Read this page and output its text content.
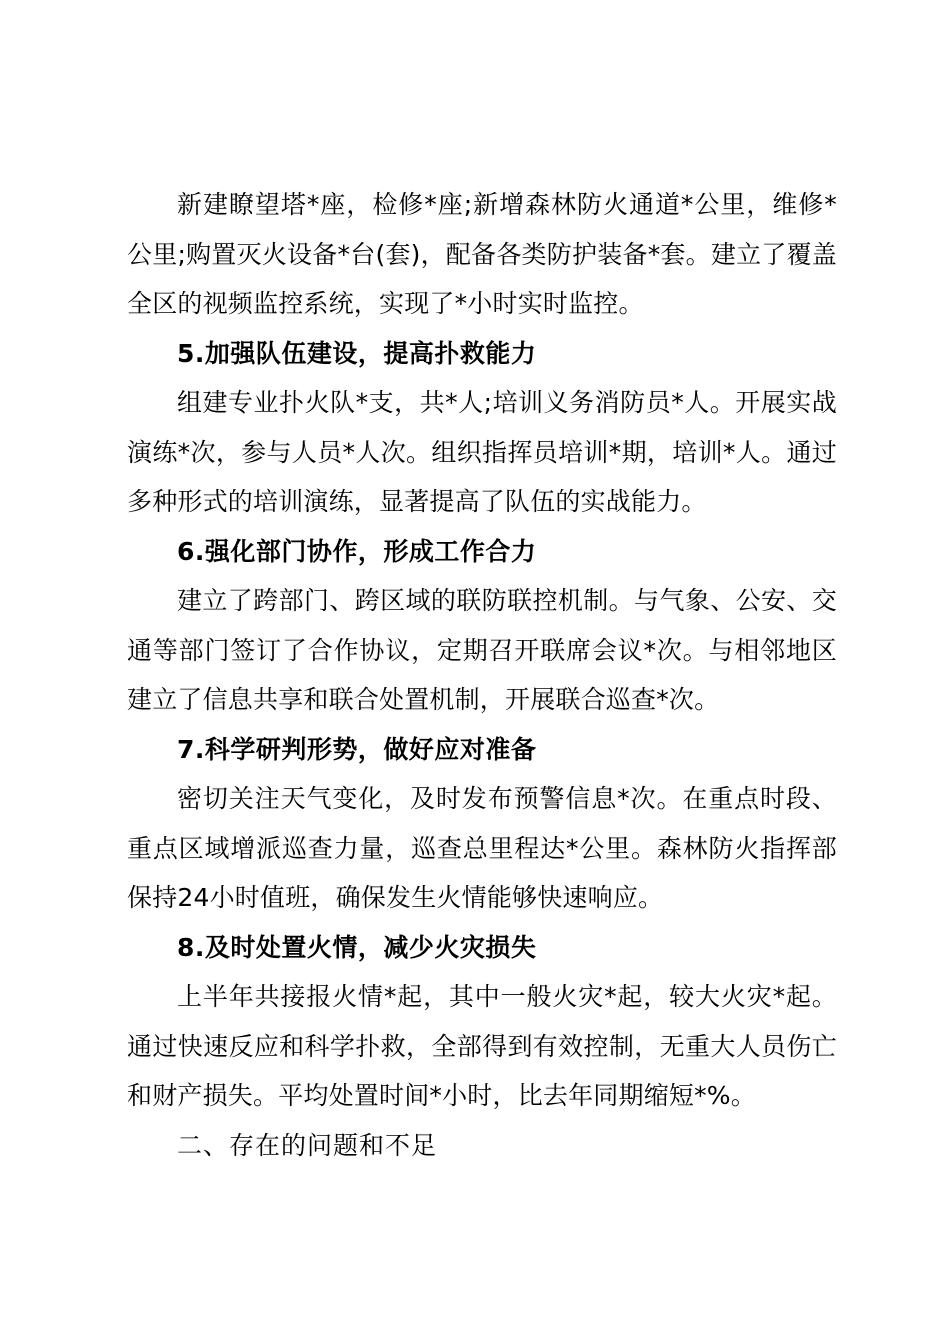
新建瞭望塔*座，检修*座;新增森林防火通道*公里，维修*公里;购置灭火设备*台(套)，配备各类防护装备*套。建立了覆盖全区的视频监控系统，实现了*小时实时监控。

5.加强队伍建设，提高扑救能力

组建专业扑火队*支，共*人;培训义务消防员*人。开展实战演练*次，参与人员*人次。组织指挥员培训*期，培训*人。通过多种形式的培训演练，显著提高了队伍的实战能力。

6.强化部门协作，形成工作合力

建立了跨部门、跨区域的联防联控机制。与气象、公安、交通等部门签订了合作协议，定期召开联席会议*次。与相邻地区建立了信息共享和联合处置机制，开展联合巡查*次。

7.科学研判形势，做好应对准备

密切关注天气变化，及时发布预警信息*次。在重点时段、重点区域增派巡查力量，巡查总里程达*公里。森林防火指挥部保持24小时值班，确保发生火情能够快速响应。

8.及时处置火情，减少火灾损失

上半年共接报火情*起，其中一般火灾*起，较大火灾*起。通过快速反应和科学扑救，全部得到有效控制，无重大人员伤亡和财产损失。平均处置时间*小时，比去年同期缩短*%。

二、存在的问题和不足
